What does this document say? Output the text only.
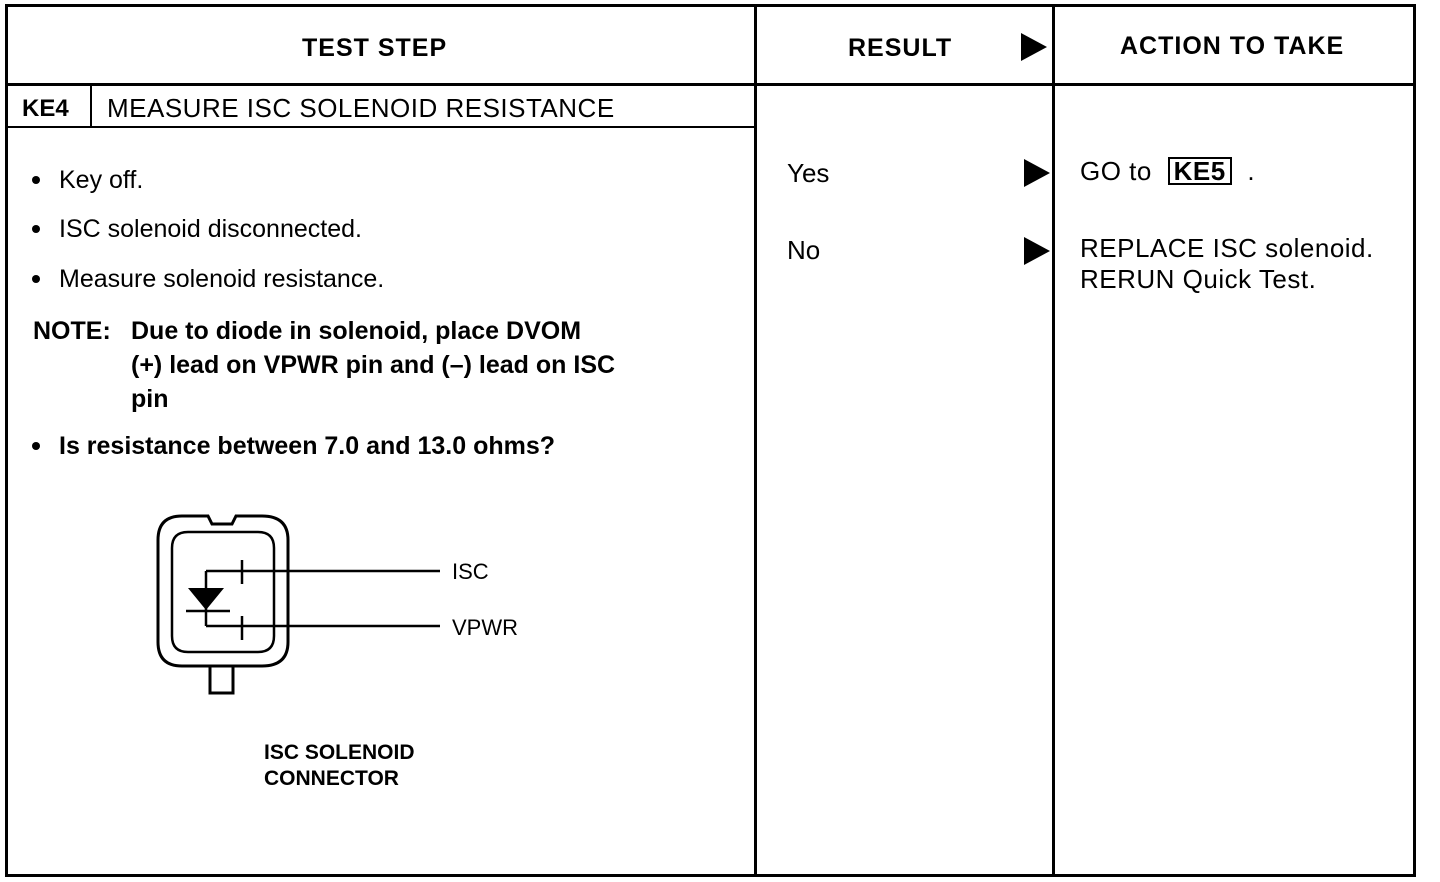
TEST STEP	RESULT	ACTION TO TAKE
KE4 MEASURE ISC SOLENOID RESISTANCE
Key off.
ISC solenoid disconnected.
Measure solenoid resistance.
NOTE: Due to diode in solenoid, place DVOM
(+) lead on VPWR pin and (–) lead on ISC
pin
Is resistance between 7.0 and 13.0 ohms?
ISC
VPWR
ISC SOLENOID
CONNECTOR
Yes
No
GO to KE5 .
REPLACE ISC solenoid.
RERUN Quick Test.
